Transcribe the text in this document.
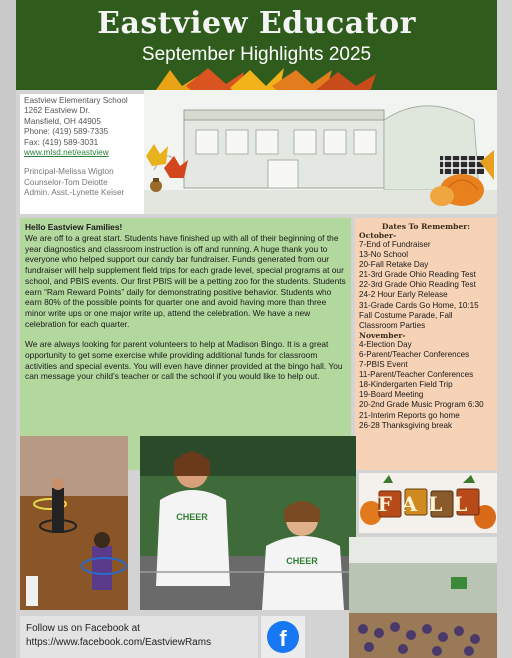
Eastview Educator
September Highlights 2025

Eastview Elementary School

1262 Eastview Dr.

Mansfield, OH 44905

Phone: (419) 589-7335

Fax: (419) 589-3031

www.mlsd.net/eastview

Principal-Melissa Wigton

Counselor-Tom Deiotte

Admin. Asst.-Lynette Keiser

Hello Eastview Families!

We are off to a great start. Students have finished up with all of their beginning of the year diagnostics and classroom instruction is off and running. A huge thank you to everyone who helped support our candy bar fundraiser. Funds generated from our fundraiser will help supplement field trips for each grade level, special programs at our school, and PBIS events. Our first PBIS will be a petting zoo for the students. Students earn “Ram Reward Points” daily for demonstrating positive behavior. Students who earn 80% of the possible points for quarter one and avoid having more than three minor write ups or one major write up, attend the celebration. We have a new celebration for each quarter.

We are always looking for parent volunteers to help at Madison Bingo. It is a great opportunity to get some exercise while providing additional funds for classroom activities and special events. You will even have dinner provided at the bingo hall. You can message your child’s teacher or call the school if you would like to help out.

Dates To Remember:
October-
7-End of Fundraiser
13-No School
20-Fall Retake Day
21-3rd Grade Ohio Reading Test
22-3rd Grade Ohio Reading Test
24-2 Hour Early Release
31-Grade Cards Go Home, 10:15 Fall Costume Parade, Fall Classroom Parties
November-
4-Election Day
6-Parent/Teacher Conferences
7-PBIS Event
11-Parent/Teacher Conferences
18-Kindergarten Field Trip
19-Board Meeting
20-2nd Grade Music Program 6:30
21-Interim Reports go home
26-28 Thanksgiving break
FALL
CHEER
CHEER

Follow us on Facebook at

https://www.facebook.com/EastviewRams	f
